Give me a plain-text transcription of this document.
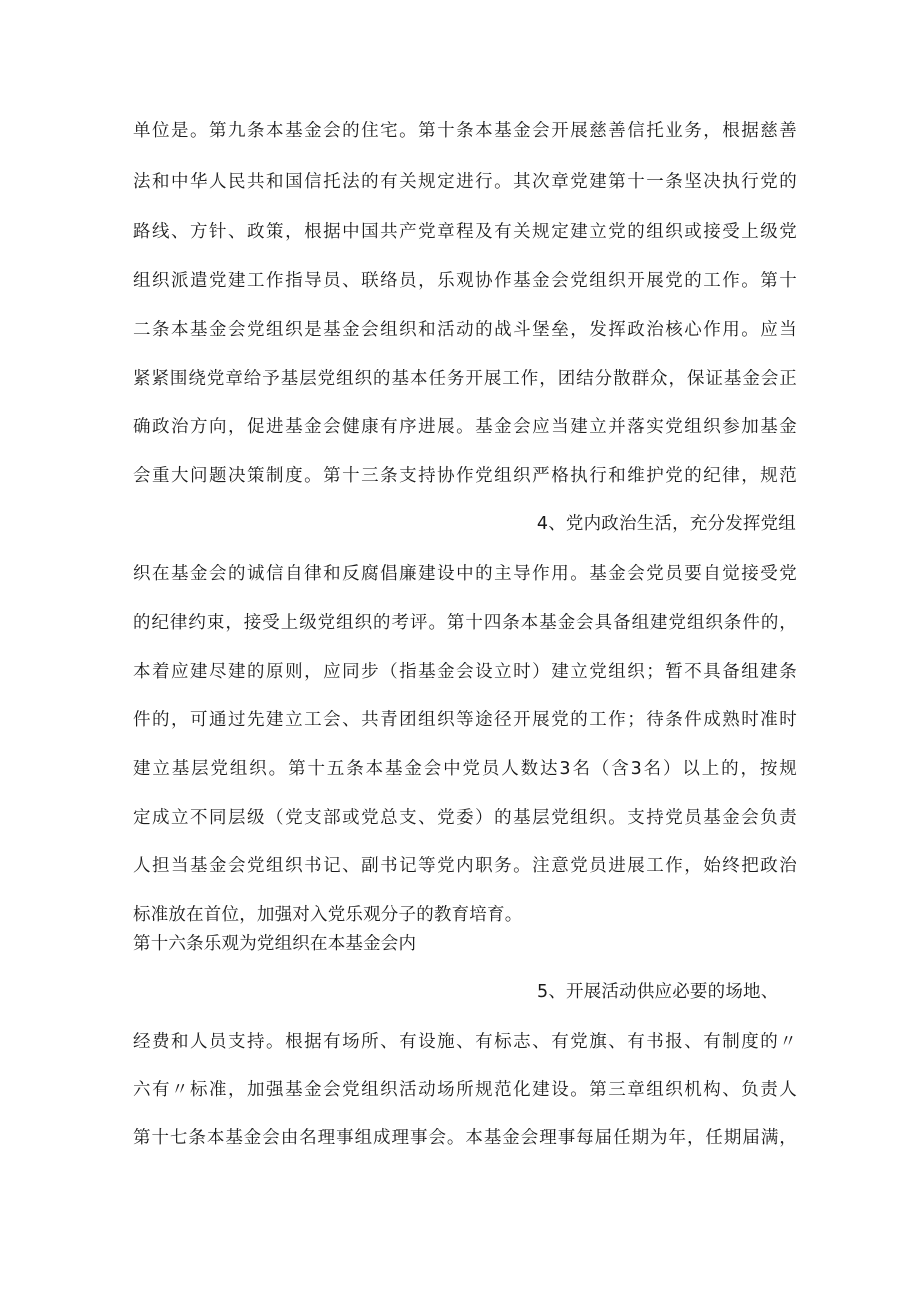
单位是。第九条本基金会的住宅。第十条本基金会开展慈善信托业务，根据慈善

法和中华人民共和国信托法的有关规定进行。其次章党建第十一条坚决执行党的

路线、方针、政策，根据中国共产党章程及有关规定建立党的组织或接受上级党

组织派遣党建工作指导员、联络员，乐观协作基金会党组织开展党的工作。第十

二条本基金会党组织是基金会组织和活动的战斗堡垒，发挥政治核心作用。应当

紧紧围绕党章给予基层党组织的基本任务开展工作，团结分散群众，保证基金会正

确政治方向，促进基金会健康有序进展。基金会应当建立并落实党组织参加基金

会重大问题决策制度。第十三条支持协作党组织严格执行和维护党的纪律，规范

4、党内政治生活，充分发挥党组

织在基金会的诚信自律和反腐倡廉建设中的主导作用。基金会党员要自觉接受党

的纪律约束，接受上级党组织的考评。第十四条本基金会具备组建党组织条件的，

本着应建尽建的原则，应同步（指基金会设立时）建立党组织；暂不具备组建条

件的，可通过先建立工会、共青团组织等途径开展党的工作；待条件成熟时准时

建立基层党组织。第十五条本基金会中党员人数达3名（含3名）以上的，按规

定成立不同层级（党支部或党总支、党委）的基层党组织。支持党员基金会负责

人担当基金会党组织书记、副书记等党内职务。注意党员进展工作，始终把政治

标准放在首位，加强对入党乐观分子的教育培育。

第十六条乐观为党组织在本基金会内

5、开展活动供应必要的场地、

经费和人员支持。根据有场所、有设施、有标志、有党旗、有书报、有制度的〃

六有〃标准，加强基金会党组织活动场所规范化建设。第三章组织机构、负责人

第十七条本基金会由名理事组成理事会。本基金会理事每届任期为年，任期届满，
